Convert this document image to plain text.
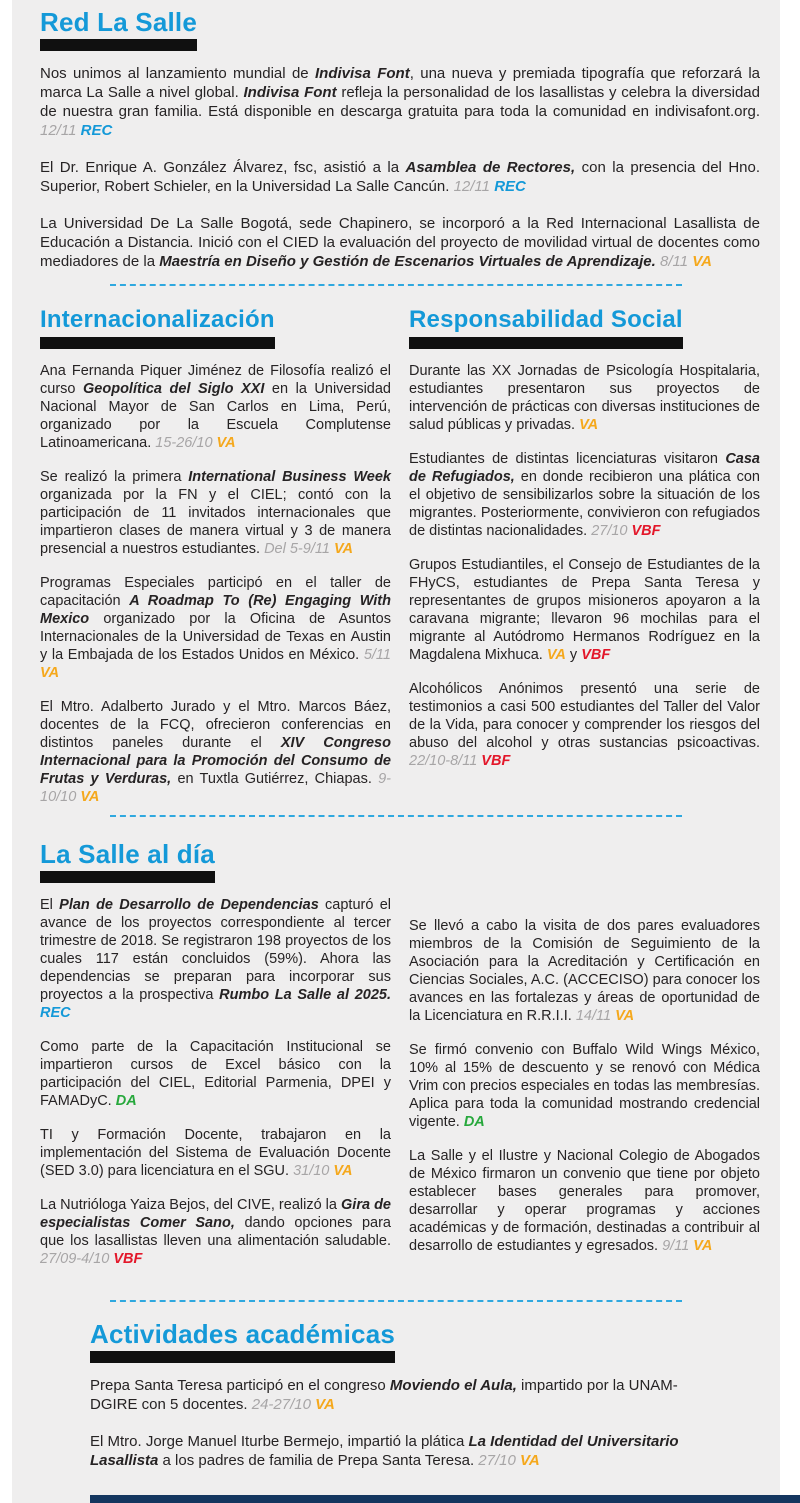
Red La Salle

Nos unimos al lanzamiento mundial de Indivisa Font, una nueva y premiada tipografía que reforzará la marca La Salle a nivel global. Indivisa Font refleja la personalidad de los lasallistas y celebra la diversidad de nuestra gran familia. Está disponible en descarga gratuita para toda la comunidad en indivisafont.org. 12/11 REC

El Dr. Enrique A. González Álvarez, fsc, asistió a la Asamblea de Rectores, con la presencia del Hno. Superior, Robert Schieler, en la Universidad La Salle Cancún. 12/11 REC

La Universidad De La Salle Bogotá, sede Chapinero, se incorporó a la Red Internacional Lasallista de Educación a Distancia. Inició con el CIED la evaluación del proyecto de movilidad virtual de docentes como mediadores de la Maestría en Diseño y Gestión de Escenarios Virtuales de Aprendizaje. 8/11 VA

Internacionalización

Ana Fernanda Piquer Jiménez de Filosofía realizó el curso Geopolítica del Siglo XXI en la Universidad Nacional Mayor de San Carlos en Lima, Perú, organizado por la Escuela Complutense Latinoamericana. 15-26/10 VA

Se realizó la primera International Business Week organizada por la FN y el CIEL; contó con la participación de 11 invitados internacionales que impartieron clases de manera virtual y 3 de manera presencial a nuestros estudiantes. Del 5-9/11 VA

Programas Especiales participó en el taller de capacitación A Roadmap To (Re) Engaging With Mexico organizado por la Oficina de Asuntos Internacionales de la Universidad de Texas en Austin y la Embajada de los Estados Unidos en México. 5/11 VA

El Mtro. Adalberto Jurado y el Mtro. Marcos Báez, docentes de la FCQ, ofrecieron conferencias en distintos paneles durante el XIV Congreso Internacional para la Promoción del Consumo de Frutas y Verduras, en Tuxtla Gutiérrez, Chiapas. 9-10/10 VA

Responsabilidad Social

Durante las XX Jornadas de Psicología Hospitalaria, estudiantes presentaron sus proyectos de intervención de prácticas con diversas instituciones de salud públicas y privadas. VA

Estudiantes de distintas licenciaturas visitaron Casa de Refugiados, en donde recibieron una plática con el objetivo de sensibilizarlos sobre la situación de los migrantes. Posteriormente, convivieron con refugiados de distintas nacionalidades. 27/10 VBF

Grupos Estudiantiles, el Consejo de Estudiantes de la FHyCS, estudiantes de Prepa Santa Teresa y representantes de grupos misioneros apoyaron a la caravana migrante; llevaron 96 mochilas para el migrante al Autódromo Hermanos Rodríguez en la Magdalena Mixhuca. VA y VBF

Alcohólicos Anónimos presentó una serie de testimonios a casi 500 estudiantes del Taller del Valor de la Vida, para conocer y comprender los riesgos del abuso del alcohol y otras sustancias psicoactivas. 22/10-8/11 VBF

La Salle al día

El Plan de Desarrollo de Dependencias capturó el avance de los proyectos correspondiente al tercer trimestre de 2018. Se registraron 198 proyectos de los cuales 117 están concluidos (59%). Ahora las dependencias se preparan para incorporar sus proyectos a la prospectiva Rumbo La Salle al 2025. REC

Como parte de la Capacitación Institucional se impartieron cursos de Excel básico con la participación del CIEL, Editorial Parmenia, DPEI y FAMADyC. DA

TI y Formación Docente, trabajaron en la implementación del Sistema de Evaluación Docente (SED 3.0) para licenciatura en el SGU. 31/10 VA

La Nutrióloga Yaiza Bejos, del CIVE, realizó la Gira de especialistas Comer Sano, dando opciones para que los lasallistas lleven una alimentación saludable. 27/09-4/10 VBF

Se llevó a cabo la visita de dos pares evaluadores miembros de la Comisión de Seguimiento de la Asociación para la Acreditación y Certificación en Ciencias Sociales, A.C. (ACCECISO) para conocer los avances en las fortalezas y áreas de oportunidad de la Licenciatura en R.R.I.I. 14/11 VA

Se firmó convenio con Buffalo Wild Wings México, 10% al 15% de descuento y se renovó con Médica Vrim con precios especiales en todas las membresías. Aplica para toda la comunidad mostrando credencial vigente. DA

La Salle y el Ilustre y Nacional Colegio de Abogados de México firmaron un convenio que tiene por objeto establecer bases generales para promover, desarrollar y operar programas y acciones académicas y de formación, destinadas a contribuir al desarrollo de estudiantes y egresados. 9/11 VA

Actividades académicas

Prepa Santa Teresa participó en el congreso Moviendo el Aula, impartido por la UNAM-DGIRE con 5 docentes. 24-27/10 VA

El Mtro. Jorge Manuel Iturbe Bermejo, impartió la plática La Identidad del Universitario Lasallista a los padres de familia de Prepa Santa Teresa. 27/10 VA
